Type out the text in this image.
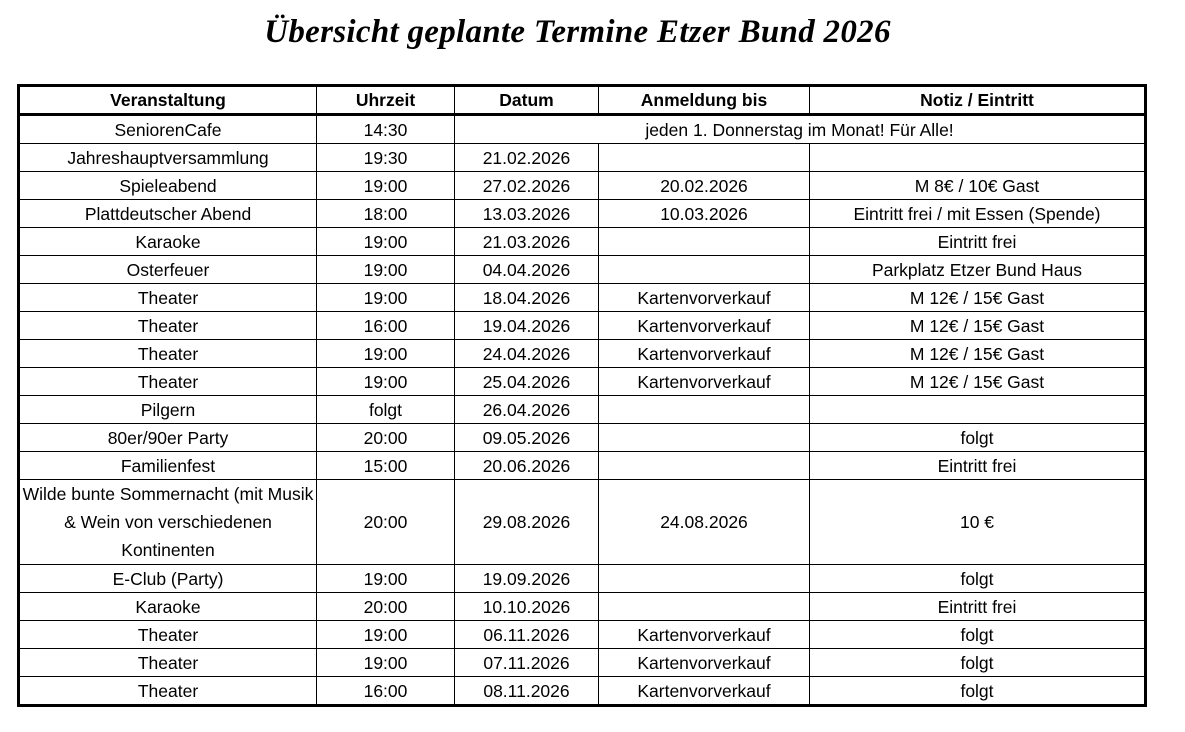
Übersicht geplante Termine Etzer Bund 2026
Veranstaltung	Uhrzeit	Datum	Anmeldung bis	Notiz / Eintritt
SeniorenCafe	14:30	jeden 1. Donnerstag im Monat! Für Alle!		
Jahreshauptversammlung	19:30	21.02.2026		
Spieleabend	19:00	27.02.2026	20.02.2026	M 8€ / 10€ Gast
Plattdeutscher Abend	18:00	13.03.2026	10.03.2026	Eintritt frei / mit Essen (Spende)
Karaoke	19:00	21.03.2026		Eintritt frei
Osterfeuer	19:00	04.04.2026		Parkplatz Etzer Bund Haus
Theater	19:00	18.04.2026	Kartenvorverkauf	M 12€ / 15€ Gast
Theater	16:00	19.04.2026	Kartenvorverkauf	M 12€ / 15€ Gast
Theater	19:00	24.04.2026	Kartenvorverkauf	M 12€ / 15€ Gast
Theater	19:00	25.04.2026	Kartenvorverkauf	M 12€ / 15€ Gast
Pilgern	folgt	26.04.2026		
80er/90er Party	20:00	09.05.2026		folgt
Familienfest	15:00	20.06.2026		Eintritt frei
Wilde bunte Sommernacht (mit Musik & Wein von verschiedenen Kontinenten	20:00	29.08.2026	24.08.2026	10 €
E-Club (Party)	19:00	19.09.2026		folgt
Karaoke	20:00	10.10.2026		Eintritt frei
Theater	19:00	06.11.2026	Kartenvorverkauf	folgt
Theater	19:00	07.11.2026	Kartenvorverkauf	folgt
Theater	16:00	08.11.2026	Kartenvorverkauf	folgt
